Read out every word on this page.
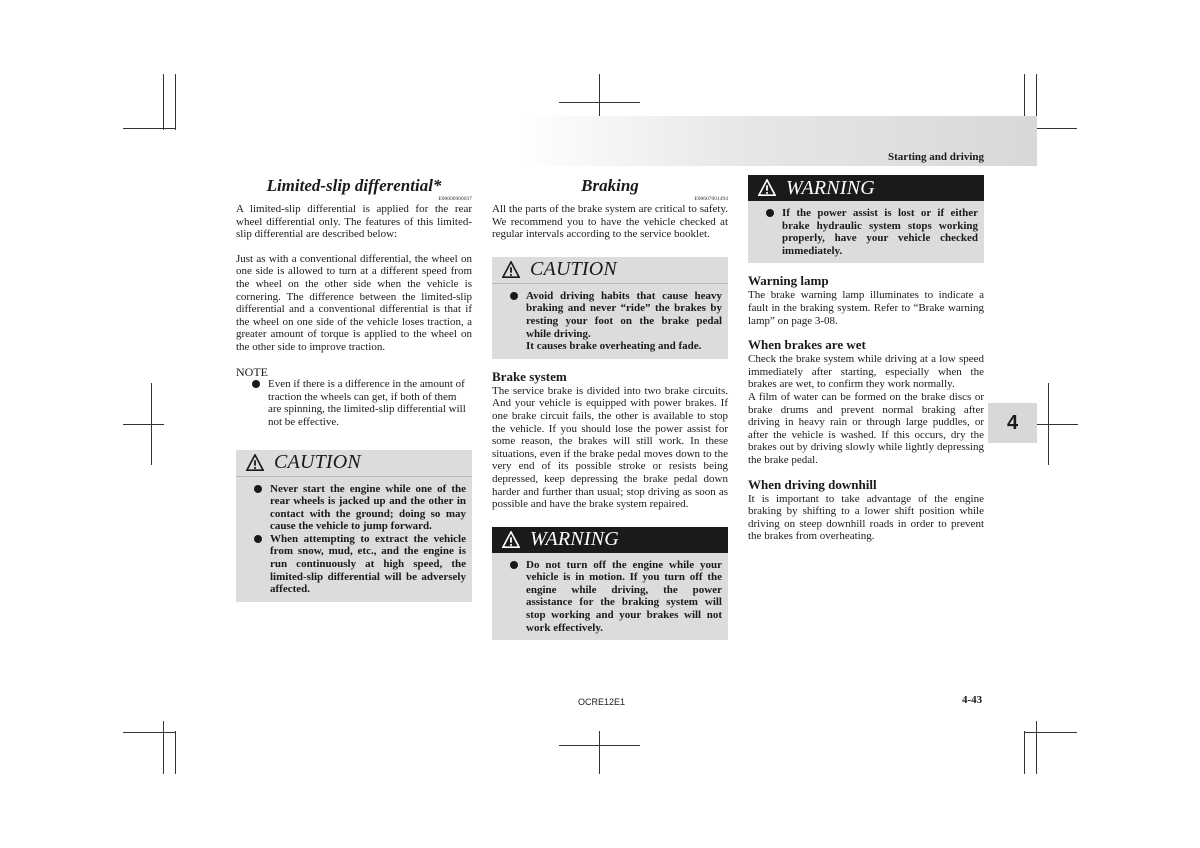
Starting and driving
4
Limited-slip differential*
E00606900037

A limited-slip differential is applied for the rear wheel differential only. The features of this limited-slip differential are described below:

Just as with a conventional differential, the wheel on one side is allowed to turn at a different speed from the wheel on the other side when the vehicle is cornering. The difference between the limited-slip differential and a conventional differential is that if the wheel on one side of the vehicle loses traction, a greater amount of torque is applied to the wheel on the other side to improve traction.

NOTE
Even if there is a difference in the amount of traction the wheels can get, if both of them are spinning, the limited-slip differential will not be effective.
CAUTION
Never start the engine while one of the rear wheels is jacked up and the other in contact with the ground; doing so may cause the vehicle to jump forward.
When attempting to extract the vehicle from snow, mud, etc., and the engine is run continuously at high speed, the limited-slip differential will be adversely affected.
Braking
E00607001494

All the parts of the brake system are critical to safety. We recommend you to have the vehicle checked at regular intervals according to the service booklet.

CAUTION
Avoid driving habits that cause heavy braking and never “ride” the brakes by resting your foot on the brake pedal while driving.
It causes brake overheating and fade.
Brake system

The service brake is divided into two brake circuits. And your vehicle is equipped with power brakes. If one brake circuit fails, the other is available to stop the vehicle. If you should lose the power assist for some reason, the brakes will still work. In these situations, even if the brake pedal moves down to the very end of its possible stroke or resists being depressed, keep depressing the brake pedal down harder and further than usual; stop driving as soon as possible and have the brake system repaired.

WARNING
Do not turn off the engine while your vehicle is in motion. If you turn off the engine while driving, the power assistance for the braking system will stop working and your brakes will not work effectively.
WARNING
If the power assist is lost or if either brake hydraulic system stops working properly, have your vehicle checked immediately.
Warning lamp

The brake warning lamp illuminates to indicate a fault in the braking system. Refer to “Brake warning lamp” on page 3-08.

When brakes are wet

Check the brake system while driving at a low speed immediately after starting, especially when the brakes are wet, to confirm they work normally.

A film of water can be formed on the brake discs or brake drums and prevent normal braking after driving in heavy rain or through large puddles, or after the vehicle is washed. If this occurs, dry the brakes out by driving slowly while lightly depressing the brake pedal.

When driving downhill

It is important to take advantage of the engine braking by shifting to a lower shift position while driving on steep downhill roads in order to prevent the brakes from overheating.

OCRE12E1	4-43
